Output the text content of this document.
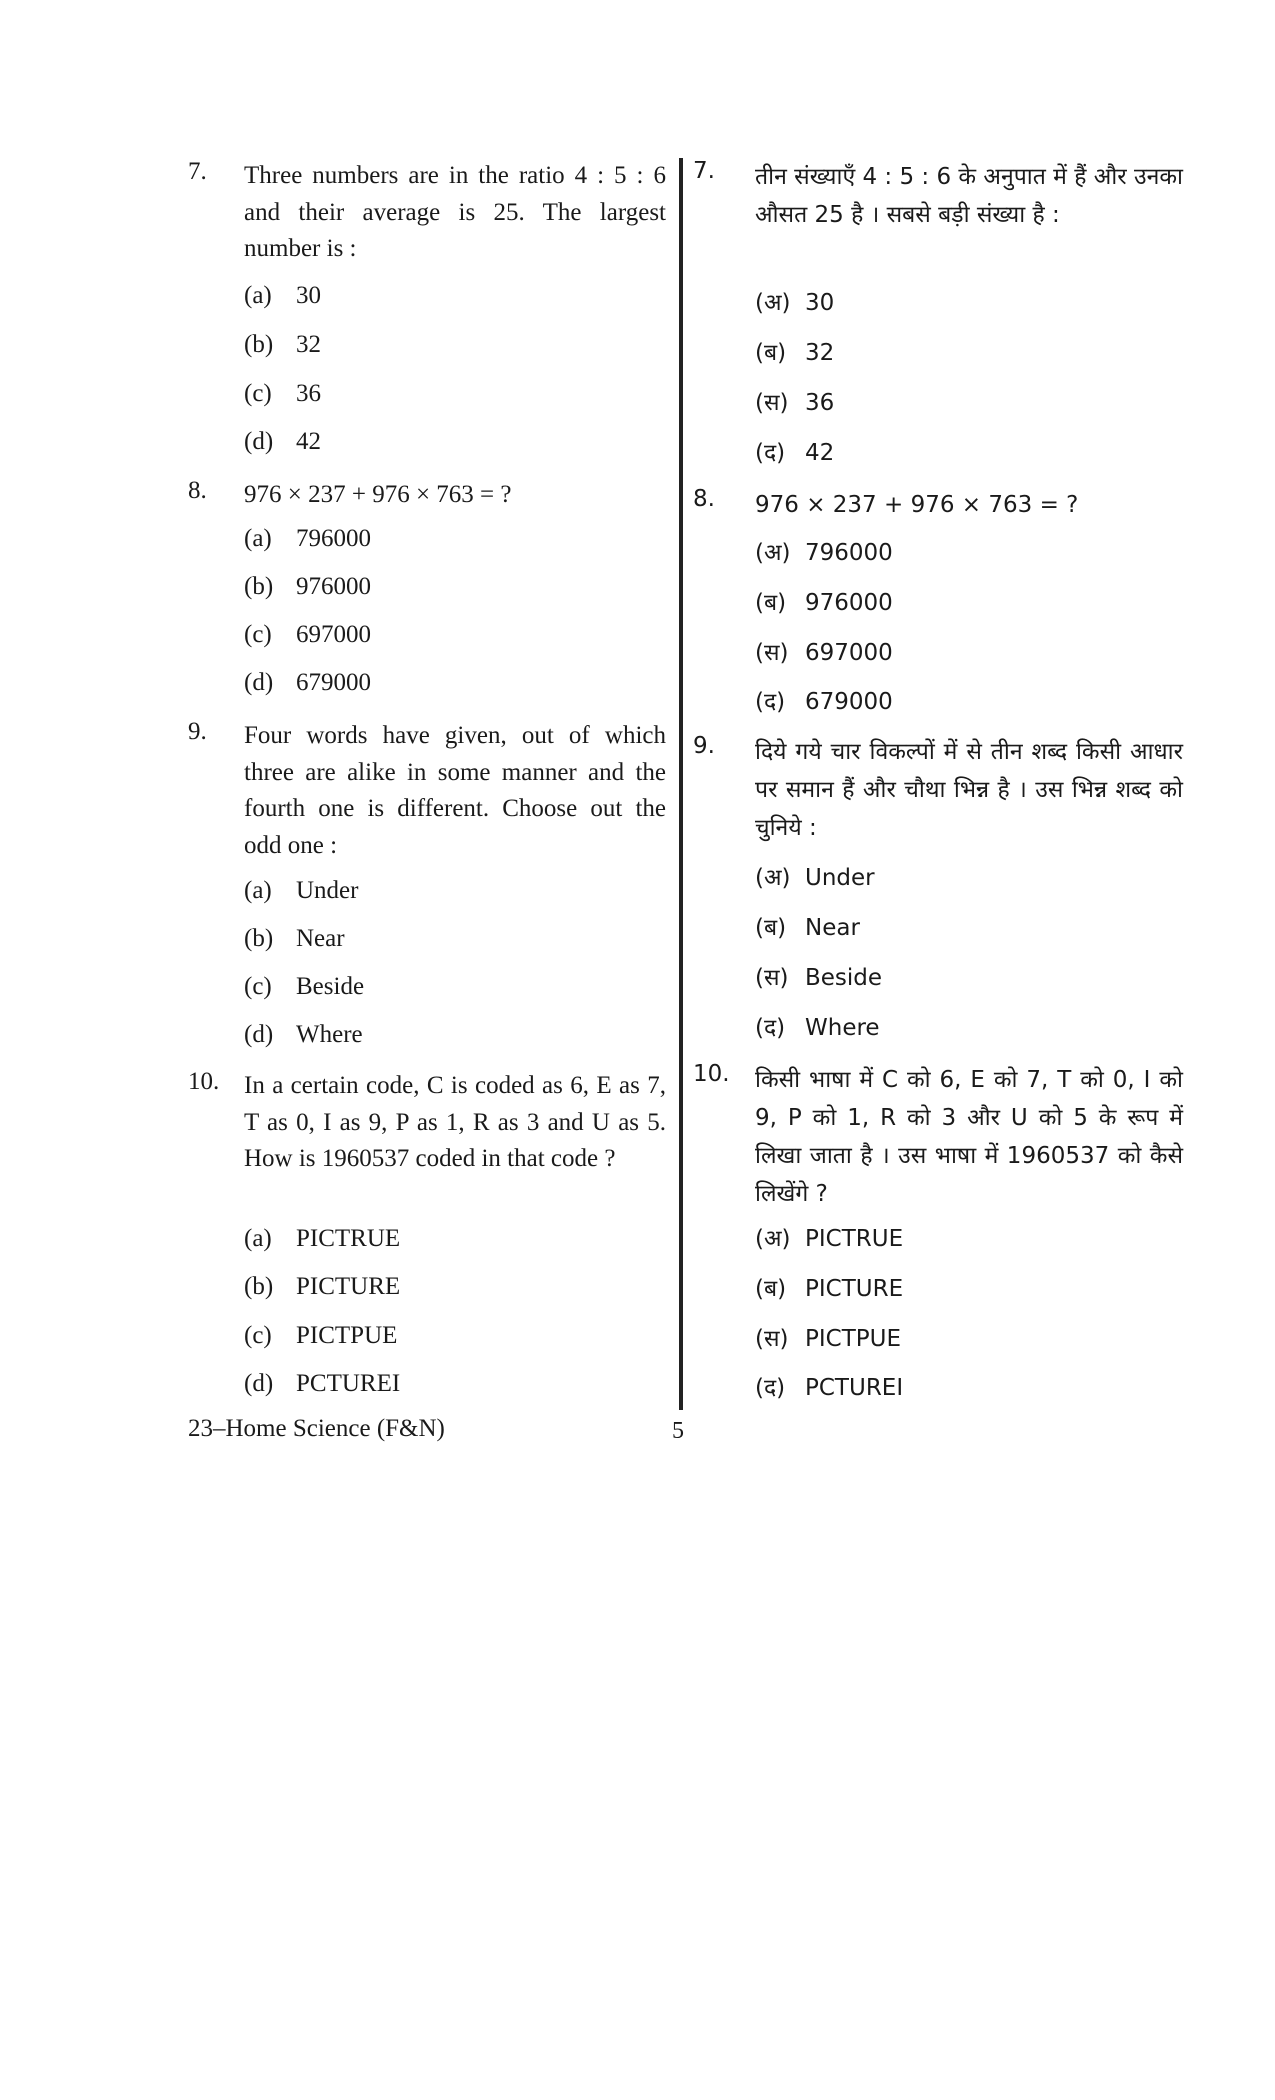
7. Three numbers are in the ratio 4 : 5 : 6 and their average is 25. The largest number is :
(a) 30
(b) 32
(c) 36
(d) 42
8. 976 × 237 + 976 × 763 = ?
(a) 796000
(b) 976000
(c) 697000
(d) 679000
9. Four words have given, out of which three are alike in some manner and the fourth one is different. Choose out the odd one :
(a) Under
(b) Near
(c) Beside
(d) Where
10. In a certain code, C is coded as 6, E as 7, T as 0, I as 9, P as 1, R as 3 and U as 5. How is 1960537 coded in that code ?
(a) PICTRUE
(b) PICTURE
(c) PICTPUE
(d) PCTUREI
7. तीन संख्याएँ 4 : 5 : 6 के अनुपात में हैं और उनका औसत 25 है । सबसे बड़ी संख्या है :
(अ) 30
(ब) 32
(स) 36
(द) 42
8. 976 × 237 + 976 × 763 = ?
(अ) 796000
(ब) 976000
(स) 697000
(द) 679000
9. दिये गये चार विकल्पों में से तीन शब्द किसी आधार पर समान हैं और चौथा भिन्न है । उस भिन्न शब्द को चुनिये :
(अ) Under
(ब) Near
(स) Beside
(द) Where
10. किसी भाषा में C को 6, E को 7, T को 0, I को 9, P को 1, R को 3 और U को 5 के रूप में लिखा जाता है । उस भाषा में 1960537 को कैसे लिखेंगे ?
(अ) PICTRUE
(ब) PICTURE
(स) PICTPUE
(द) PCTUREI
23–Home Science (F&N)	5
